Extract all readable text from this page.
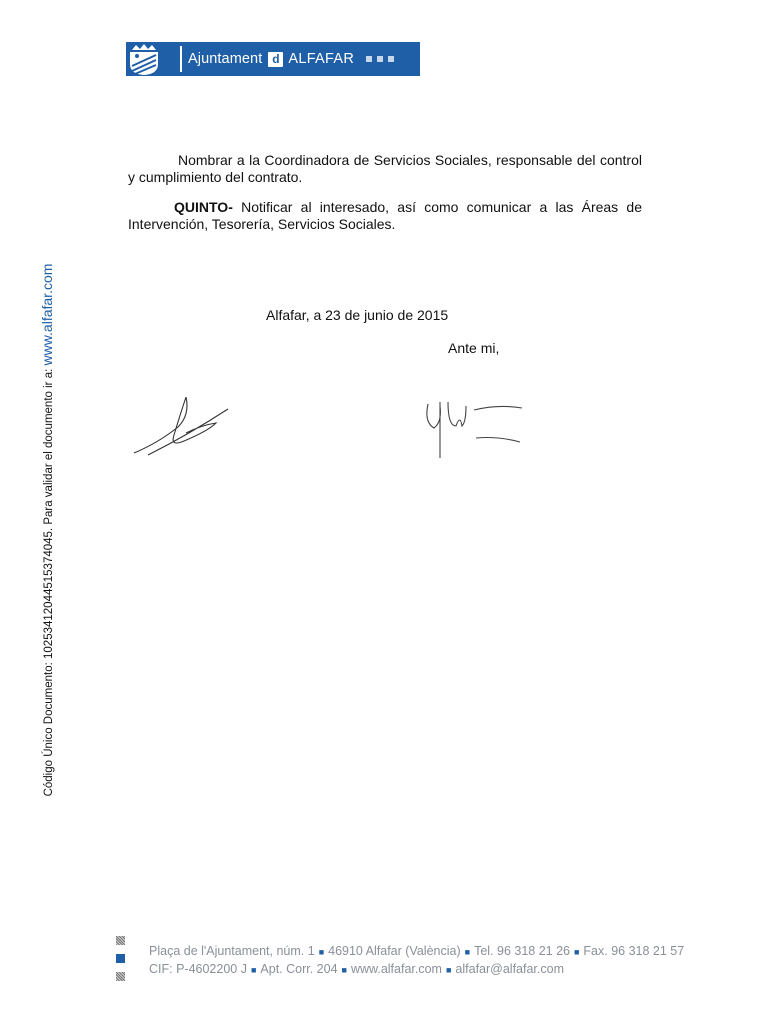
Ajuntament d ALFAFAR
Código Único Documento: 10253412044515374045. Para validar el documento ir a: www.alfafar.com
Nombrar a la Coordinadora de Servicios Sociales, responsable del control y cumplimiento del contrato.
QUINTO- Notificar al interesado, así como comunicar a las Áreas de Intervención, Tesorería, Servicios Sociales.
Alfafar, a 23 de junio de 2015
Ante mi,
Plaça de l'Ajuntament, núm. 1 ■ 46910 Alfafar (València) ■ Tel. 96 318 21 26 ■ Fax. 96 318 21 57
CIF: P-4602200 J ■ Apt. Corr. 204 ■ www.alfafar.com ■ alfafar@alfafar.com
